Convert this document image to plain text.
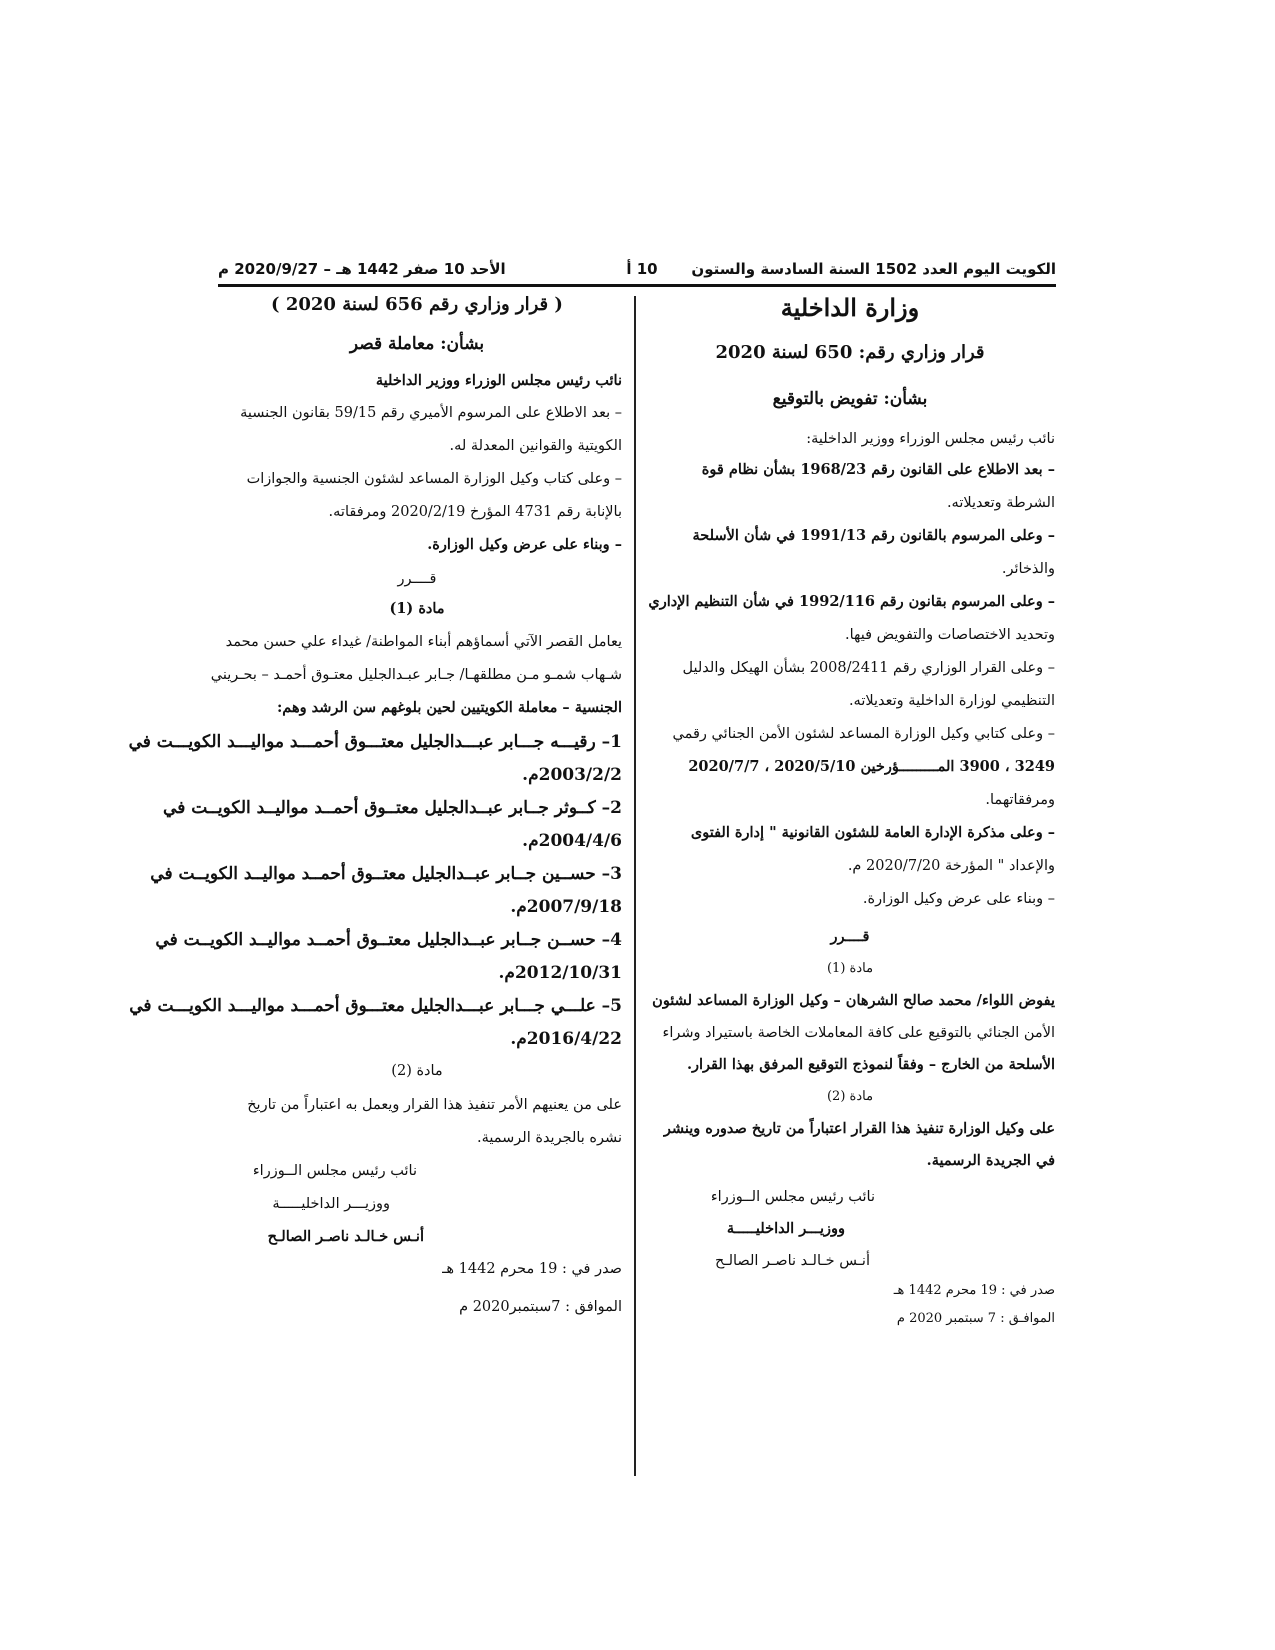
الكويت اليوم العدد 1502 السنة السادسة والستون
10 أ
الأحد 10 صفر 1442 هـ – 2020/9/27 م
وزارة الداخلية
قرار وزاري رقم: 650 لسنة 2020
بشأن: تفويض بالتوقيع
نائب رئيس مجلس الوزراء ووزير الداخلية:
– بعد الاطلاع على القانون رقم 1968/23 بشأن نظام قوة
الشرطة وتعديلاته.
– وعلى المرسوم بالقانون رقم 1991/13 في شأن الأسلحة
والذخائر.
– وعلى المرسوم بقانون رقم 1992/116 في شأن التنظيم الإداري
وتحديد الاختصاصات والتفويض فيها.
– وعلى القرار الوزاري رقم 2008/2411 بشأن الهيكل والدليل
التنظيمي لوزارة الداخلية وتعديلاته.
– وعلى كتابي وكيل الوزارة المساعد لشئون الأمن الجنائي رقمي
3249 ، 3900 المـــــــــؤرخين 2020/5/10 ، 2020/7/7
ومرفقاتهما.
– وعلى مذكرة الإدارة العامة للشئون القانونية " إدارة الفتوى
والإعداد " المؤرخة 2020/7/20 م.
– وبناء على عرض وكيل الوزارة.
قــــرر
مادة (1)
يفوض اللواء/ محمد صالح الشرهان – وكيل الوزارة المساعد لشئون
الأمن الجنائي بالتوقيع على كافة المعاملات الخاصة باستيراد وشراء
الأسلحة من الخارج – وفقاً لنموذج التوقيع المرفق بهذا القرار.
مادة (2)
على وكيل الوزارة تنفيذ هذا القرار اعتباراً من تاريخ صدوره وينشر
في الجريدة الرسمية.
نائب رئيس مجلس الــوزراء
ووزيـــر الداخليـــــة
أنـس خـالـد ناصـر الصالـح
صدر في : 19 محرم 1442 هـ
الموافـق : 7 سبتمبر 2020 م
( قرار وزاري رقم 656 لسنة 2020 )
بشأن: معاملة قصر
نائب رئيس مجلس الوزراء ووزير الداخلية
– بعد الاطلاع على المرسوم الأميري رقم 59/15 بقانون الجنسية
الكويتية والقوانين المعدلة له.
– وعلى كتاب وكيل الوزارة المساعد لشئون الجنسية والجوازات
بالإنابة رقم 4731 المؤرخ 2020/2/19 ومرفقاته.
– وبناء على عرض وكيل الوزارة.
قــــرر
مادة (1)
يعامل القصر الآتي أسماؤهم أبناء المواطنة/ غيداء علي حسن محمد
شـهاب شمـو مـن مطلقهـا/ جـابر عبـدالجليل معتـوق أحمـد – بحـريني
الجنسية – معاملة الكويتيين لحين بلوغهم سن الرشد وهم:
1– رقيـــه جـــابر عبـــدالجليل معتـــوق أحمـــد مواليـــد الكويـــت في
2003/2/2م.
2– كــوثر جــابر عبــدالجليل معتــوق أحمــد مواليــد الكويــت في
2004/4/6م.
3– حســين جــابر عبــدالجليل معتــوق أحمــد مواليــد الكويــت في
2007/9/18م.
4– حســن جــابر عبــدالجليل معتــوق أحمــد مواليــد الكويــت في
2012/10/31م.
5– علـــي جـــابر عبـــدالجليل معتـــوق أحمـــد مواليـــد الكويـــت في
2016/4/22م.
مادة (2)
على من يعنيهم الأمر تنفيذ هذا القرار ويعمل به اعتباراً من تاريخ
نشره بالجريدة الرسمية.
نائب رئيس مجلس الــوزراء
ووزيـــر الداخليـــــة
أنـس خـالـد ناصـر الصالـح
صدر في : 19 محرم 1442 هـ
الموافق : 7سبتمبر2020 م
